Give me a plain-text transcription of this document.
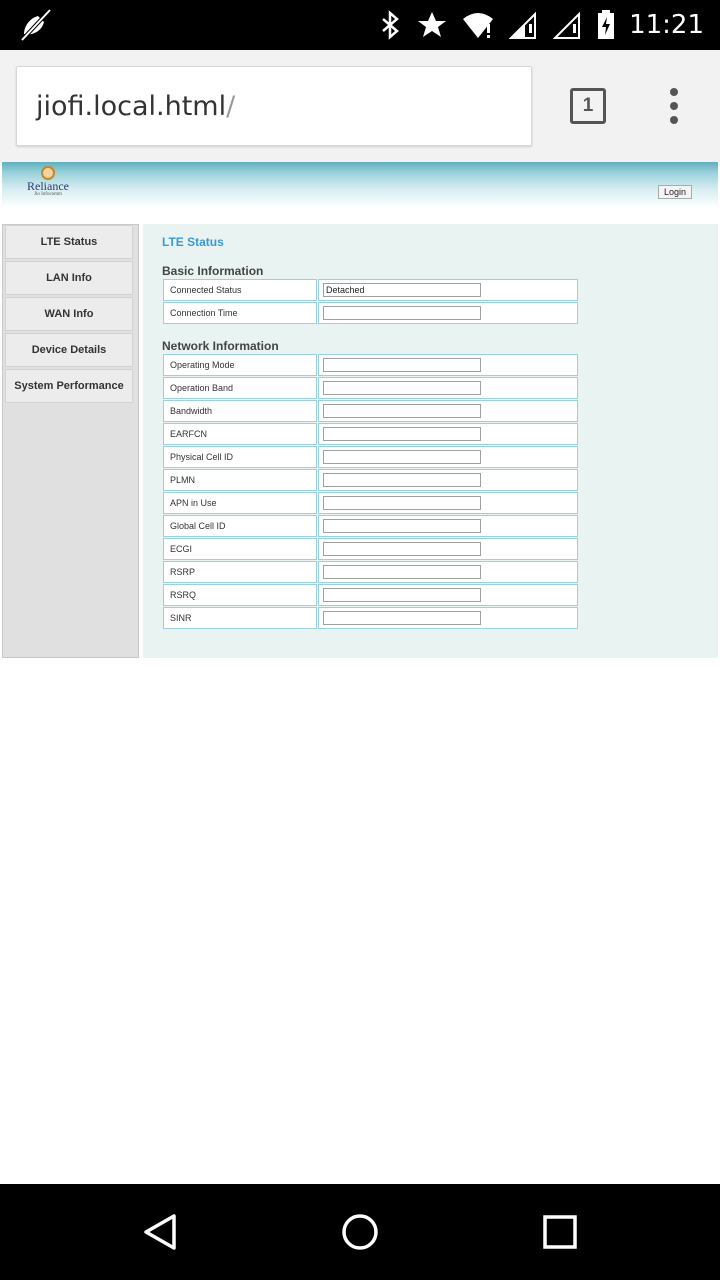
11:21
jiofi.local.html /	1
Reliance
Jio Infocomm	Login
LTE Status
LAN Info
WAN Info
Device Details
System Performance
LTE Status
Basic Information
Connected Status
Detached
Connection Time
Network Information
Operating Mode
Operation Band
Bandwidth
EARFCN
Physical Cell ID
PLMN
APN in Use
Global Cell ID
ECGI
RSRP
RSRQ
SINR
